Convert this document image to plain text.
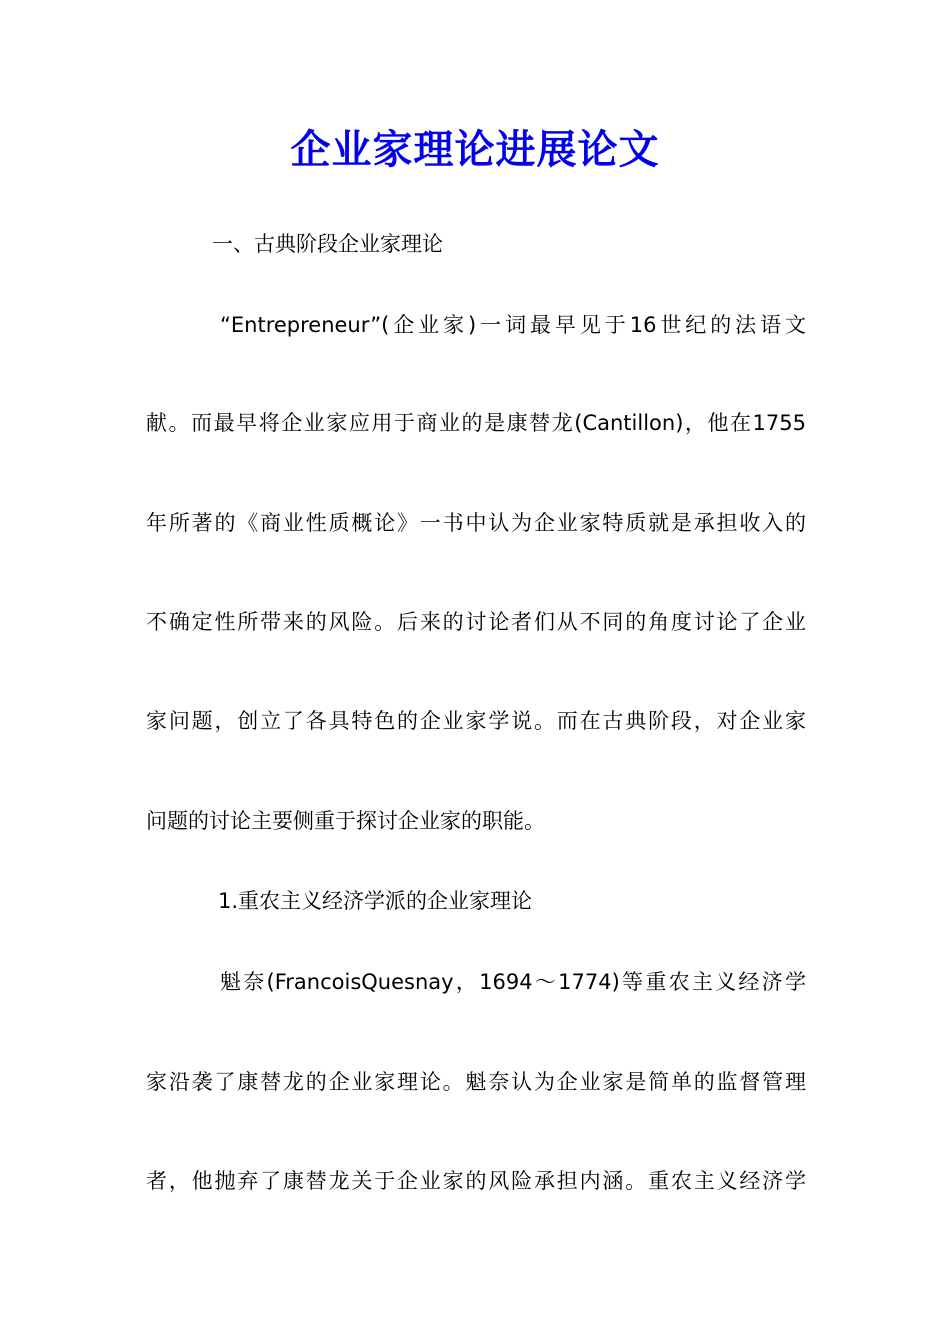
企业家理论进展论文

一、古典阶段企业家理论

“Entrepreneur”(企业家)一词最早见于16世纪的法语文

献。而最早将企业家应用于商业的是康替龙(Cantillon)，他在1755

年所著的《商业性质概论》一书中认为企业家特质就是承担收入的

不确定性所带来的风险。后来的讨论者们从不同的角度讨论了企业

家问题，创立了各具特色的企业家学说。而在古典阶段，对企业家

问题的讨论主要侧重于探讨企业家的职能。

1.重农主义经济学派的企业家理论

魁奈(FrancoisQuesnay，1694～1774)等重农主义经济学

家沿袭了康替龙的企业家理论。魁奈认为企业家是简单的监督管理

者，他抛弃了康替龙关于企业家的风险承担内涵。重农主义经济学
